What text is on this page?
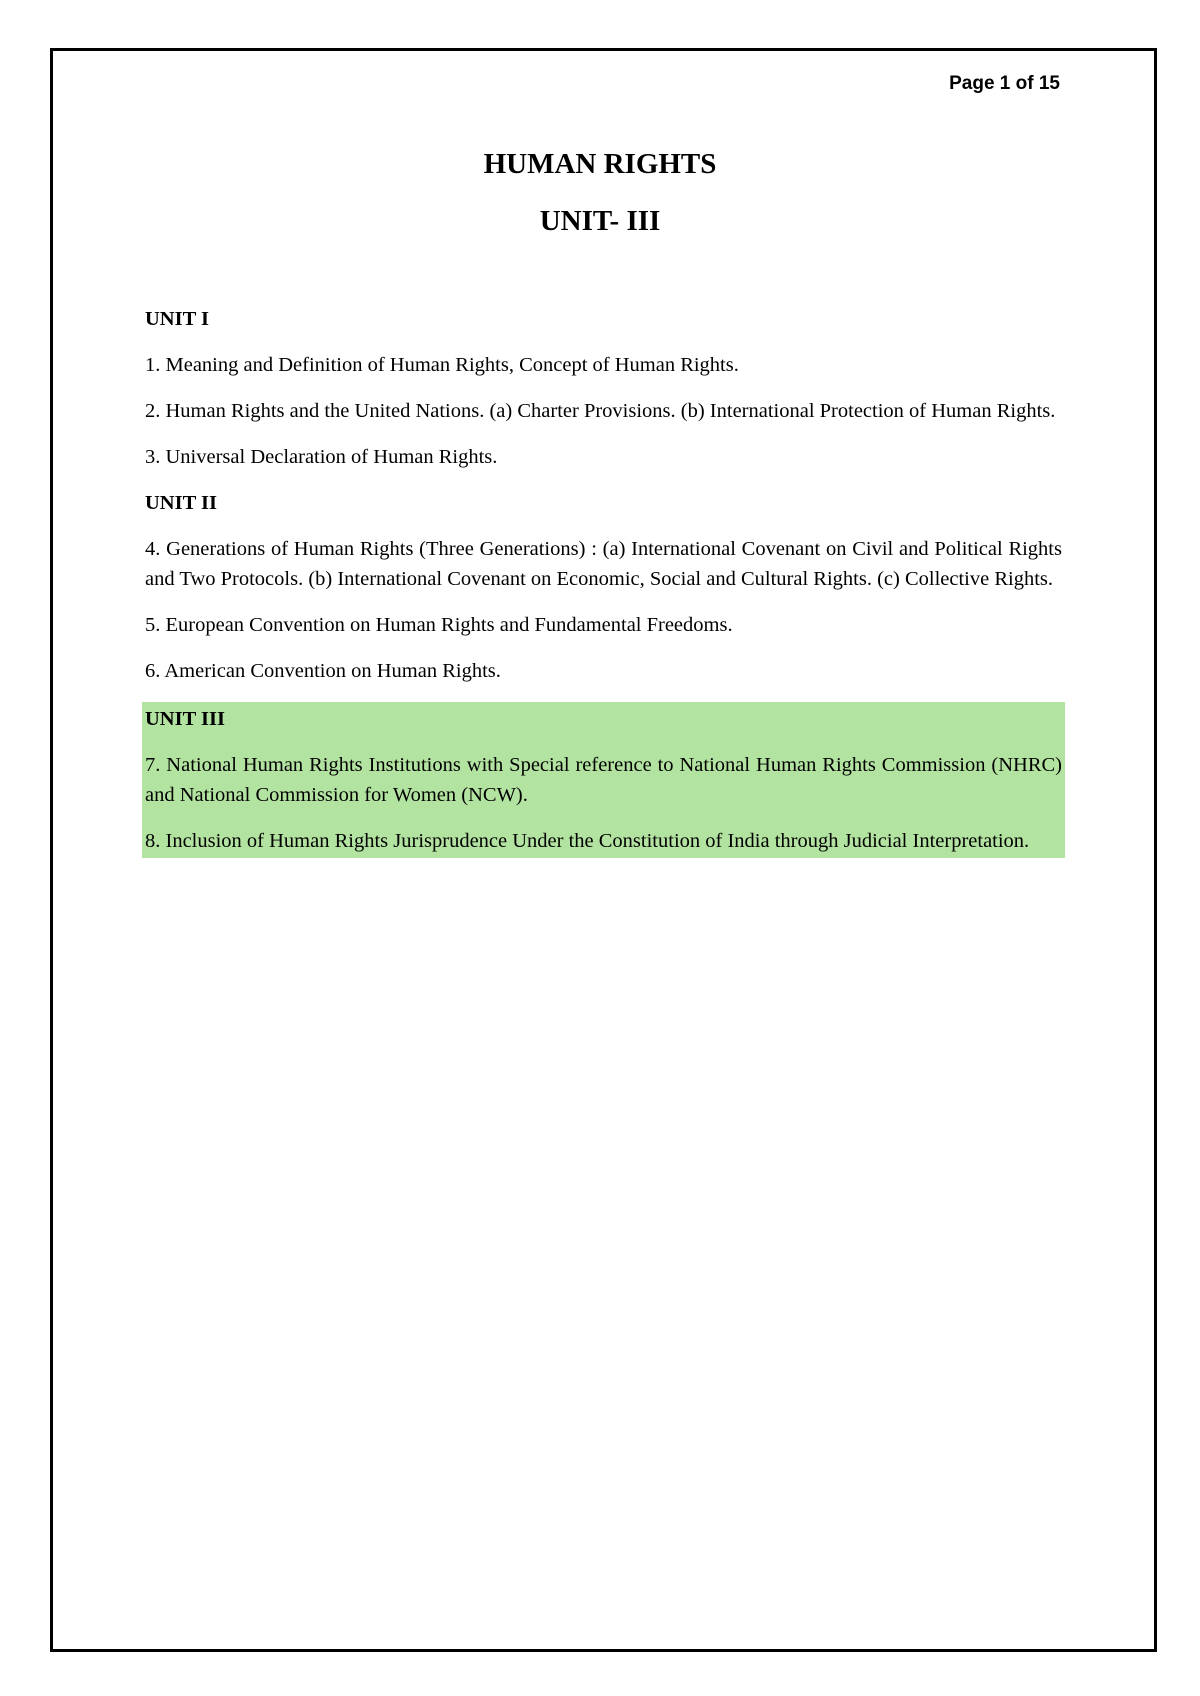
Page 1 of 15
HUMAN RIGHTS
UNIT- III
UNIT I
1. Meaning and Definition of Human Rights, Concept of Human Rights.
2. Human Rights and the United Nations. (a) Charter Provisions. (b) International Protection of Human Rights.
3. Universal Declaration of Human Rights.
UNIT II
4. Generations of Human Rights (Three Generations) : (a) International Covenant on Civil and Political Rights and Two Protocols. (b) International Covenant on Economic, Social and Cultural Rights. (c) Collective Rights.
5. European Convention on Human Rights and Fundamental Freedoms.
6. American Convention on Human Rights.
UNIT III
7. National Human Rights Institutions with Special reference to National Human Rights Commission (NHRC) and National Commission for Women (NCW).
8. Inclusion of Human Rights Jurisprudence Under the Constitution of India through Judicial Interpretation.
